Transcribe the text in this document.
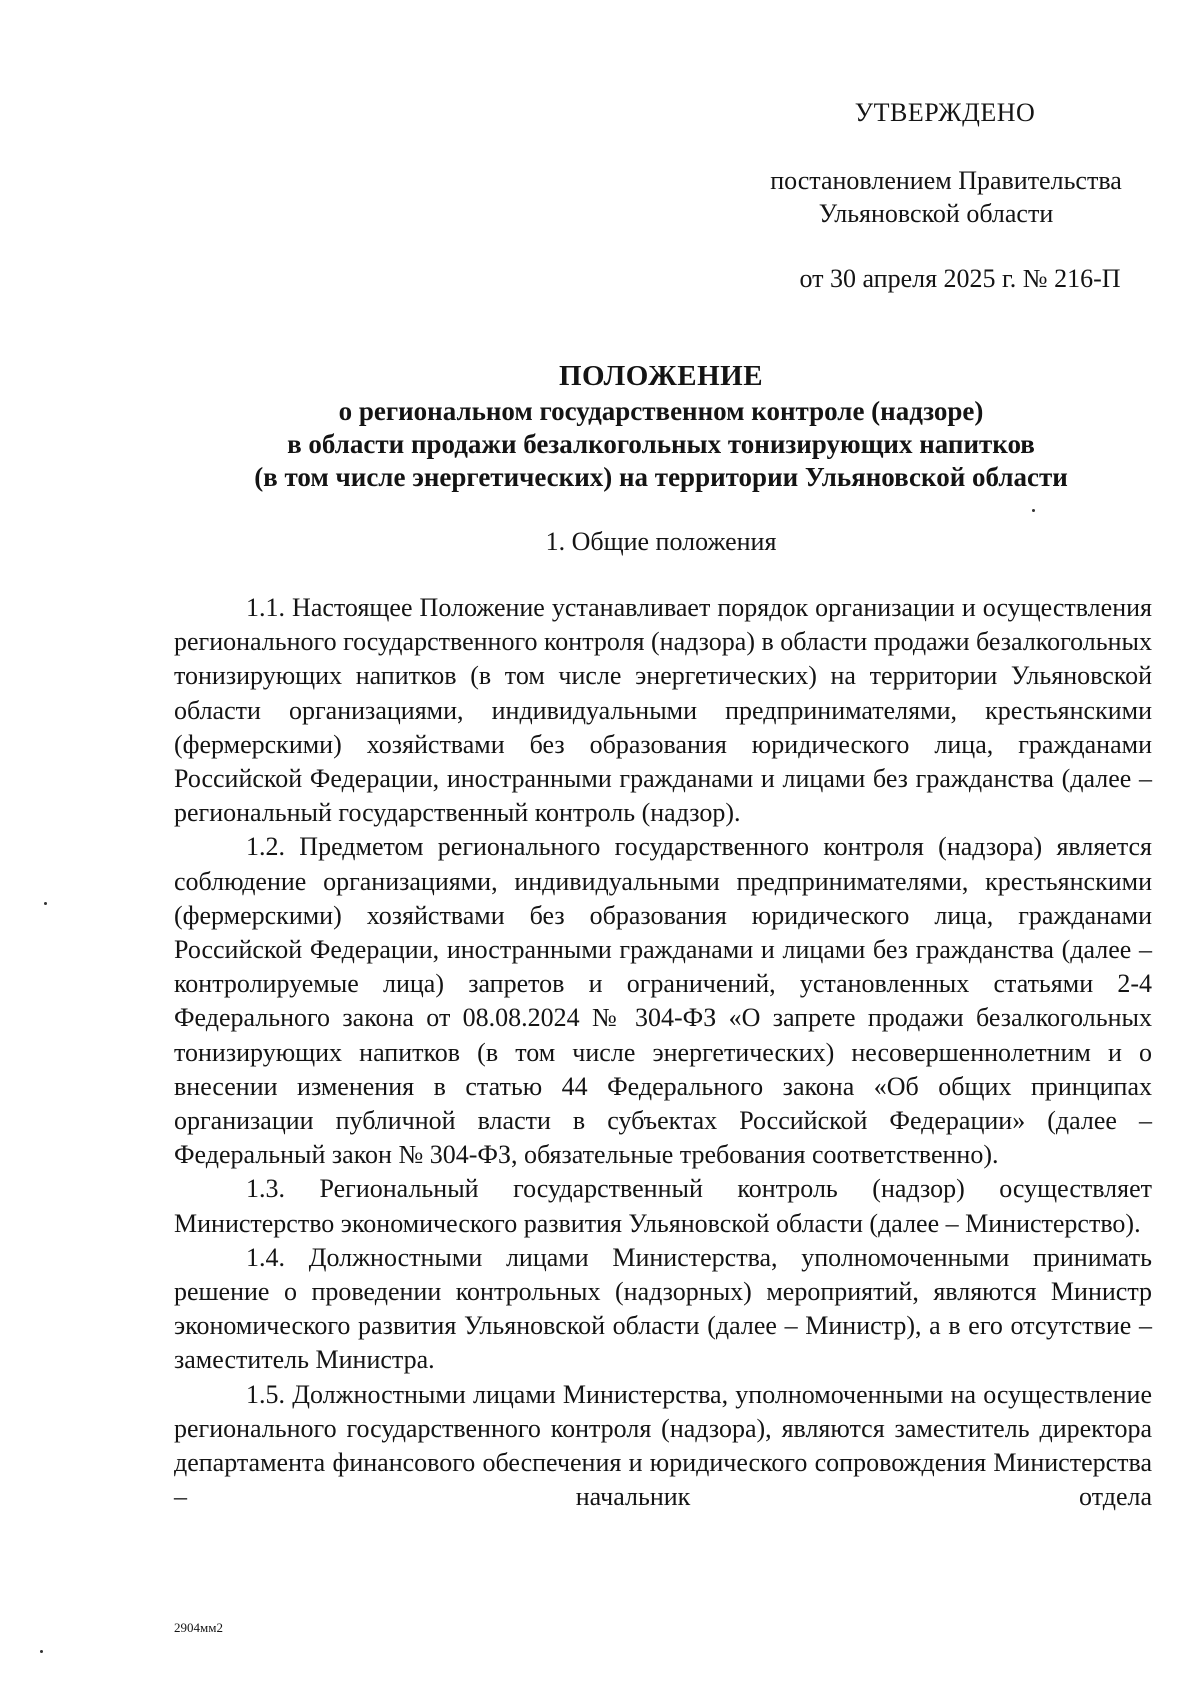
УТВЕРЖДЕНО
постановлением Правительства
Ульяновской области
от 30 апреля 2025 г. № 216-П
ПОЛОЖЕНИЕ
о региональном государственном контроле (надзоре)
в области продажи безалкогольных тонизирующих напитков
(в том числе энергетических) на территории Ульяновской области
1. Общие положения

1.1. Настоящее Положение устанавливает порядок организации и осуществления регионального государственного контроля (надзора) в области продажи безалкогольных тонизирующих напитков (в том числе энергетических) на территории Ульяновской области организациями, индивидуальными предпринимателями, крестьянскими (фермерскими) хозяйствами без образования юридического лица, гражданами Российской Федерации, иностранными гражданами и лицами без гражданства (далее – региональный государственный контроль (надзор).

1.2. Предметом регионального государственного контроля (надзора) является соблюдение организациями, индивидуальными предпринимателями, крестьянскими (фермерскими) хозяйствами без образования юридического лица, гражданами Российской Федерации, иностранными гражданами и лицами без гражданства (далее – контролируемые лица) запретов и ограничений, установленных статьями 2-4 Федерального закона от 08.08.2024 № 304-ФЗ «О запрете продажи безалкогольных тонизирующих напитков (в том числе энергетических) несовершеннолетним и о внесении изменения в статью 44 Федерального закона «Об общих принципах организации публичной власти в субъектах Российской Федерации» (далее – Федеральный закон № 304-ФЗ, обязательные требования соответственно).

1.3. Региональный государственный контроль (надзор) осуществляет Министерство экономического развития Ульяновской области (далее – Министерство).

1.4. Должностными лицами Министерства, уполномоченными принимать решение о проведении контрольных (надзорных) мероприятий, являются Министр экономического развития Ульяновской области (далее – Министр), а в его отсутствие – заместитель Министра.

1.5. Должностными лицами Министерства, уполномоченными на осуществление регионального государственного контроля (надзора), являются заместитель директора департамента финансового обеспечения и юридического сопровождения Министерства – начальник отдела

2904мм2
